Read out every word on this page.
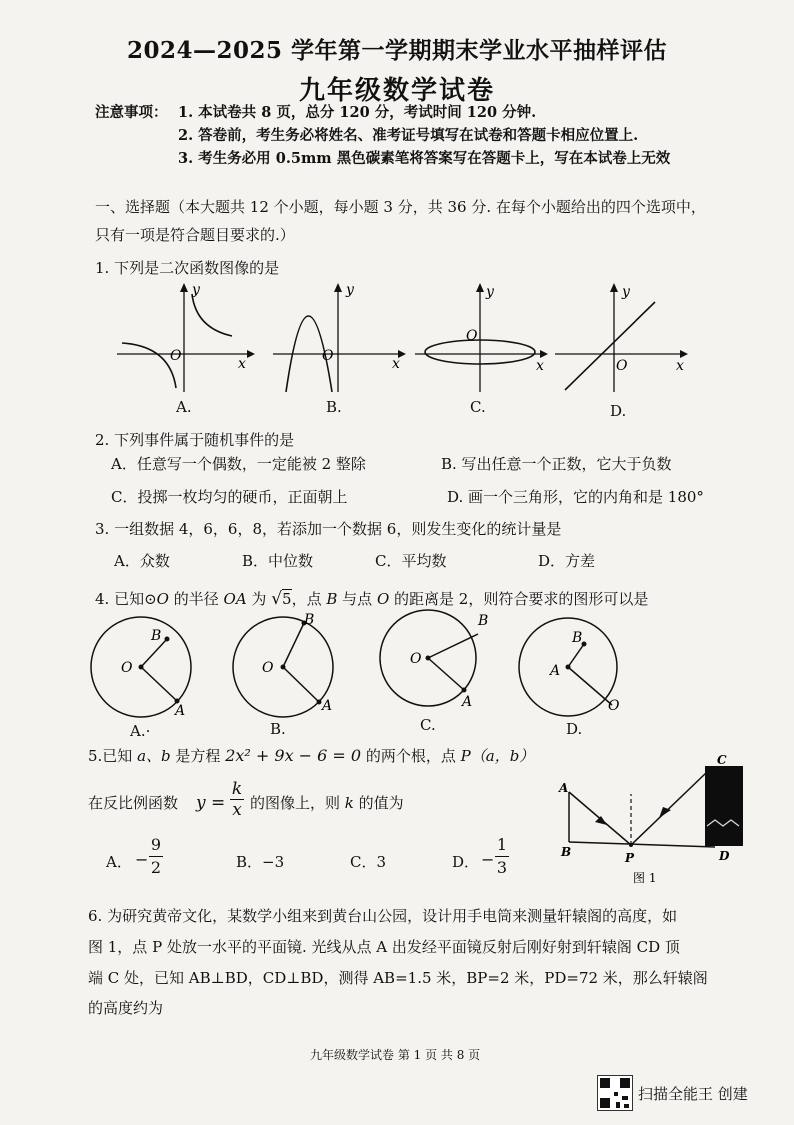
2024—2025 学年第一学期期末学业水平抽样评估
九年级数学试卷
注意事项： 1. 本试卷共 8 页，总分 120 分，考试时间 120 分钟.
2. 答卷前，考生务必将姓名、准考证号填写在试卷和答题卡相应位置上.
3. 考生务必用 0.5mm 黑色碳素笔将答案写在答题卡上，写在本试卷上无效
一、选择题（本大题共 12 个小题，每小题 3 分，共 36 分. 在每个小题给出的四个选项中，
只有一项是符合题目要求的.）
1. 下列是二次函数图像的是
y
x
O
A.
y
x
O
B.
y
x
O
C.
y
x
O
D.
2. 下列事件属于随机事件的是
A．任意写一个偶数，一定能被 2 整除	B. 写出任意一个正数，它大于负数
C．投掷一枚均匀的硬币，正面朝上	D. 画一个三角形，它的内角和是 180°
3. 一组数据 4，6，6，8，若添加一个数据 6，则发生变化的统计量是
A．众数	B．中位数	C．平均数	D．方差
4. 已知⊙O 的半径 OA 为 √5，点 B 与点 O 的距离是 2，则符合要求的图形可以是
O
B
A
A.·
O
B
A
B.
O
B
A
C.
B
A
O
D.
5.已知 a、b 是方程 2x² + 9x − 6 = 0 的两个根，点 P（a，b）
在反比例函数 y =
k
x 的图像上，则 k 的值为
A． −
9
2	B．−3	C．3	D． −
1
3
A
B	P
C
D
图 1
6. 为研究黄帝文化，某数学小组来到黄台山公园，设计用手电筒来测量轩辕阁的高度，如
图 1，点 P 处放一水平的平面镜. 光线从点 A 出发经平面镜反射后刚好射到轩辕阁 CD 顶
端 C 处，已知 AB⊥BD，CD⊥BD，测得 AB=1.5 米，BP=2 米，PD=72 米，那么轩辕阁
的高度约为
九年级数学试卷 第 1 页 共 8 页
扫描全能王 创建
